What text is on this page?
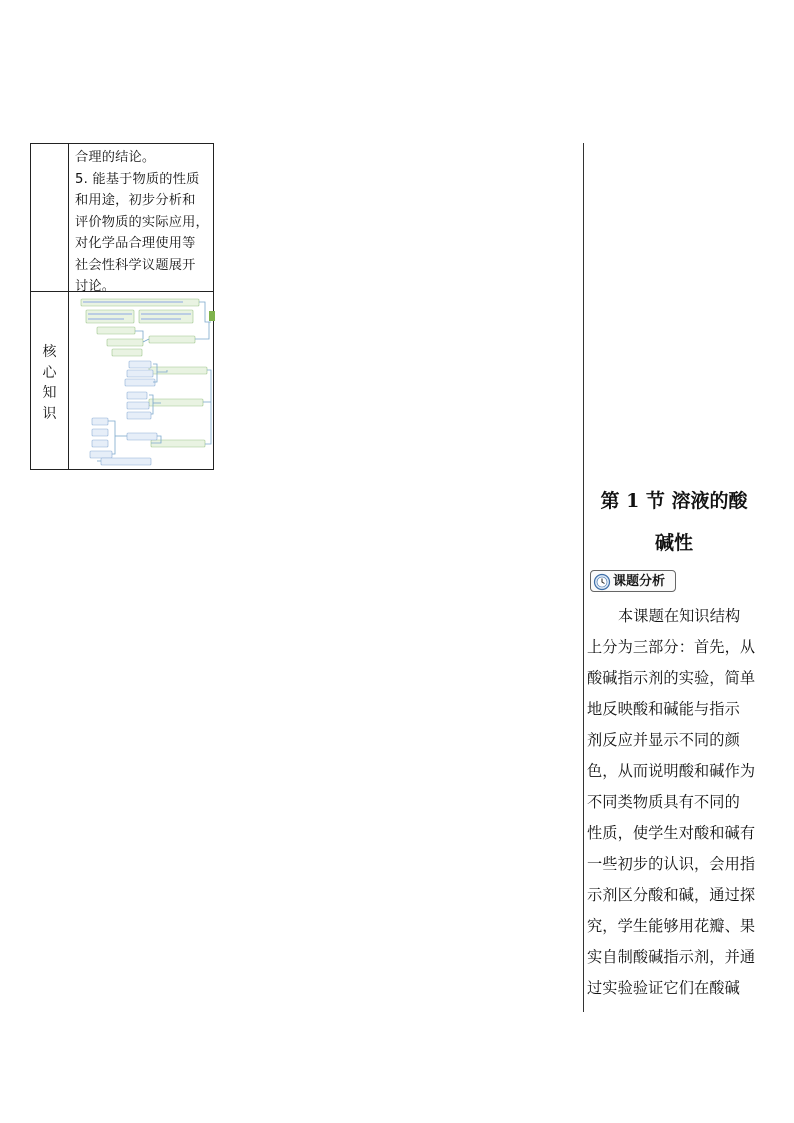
合理的结论。
5. 能基于物质的性质
和用途，初步分析和
评价物质的实际应用，
对化学品合理使用等
社会性科学议题展开
讨论。
核
心
知
识
第 1 节 溶液的酸
碱性
课题分析
本课题在知识结构
上分为三部分：首先，从
酸碱指示剂的实验，简单
地反映酸和碱能与指示
剂反应并显示不同的颜
色，从而说明酸和碱作为
不同类物质具有不同的
性质，使学生对酸和碱有
一些初步的认识，会用指
示剂区分酸和碱，通过探
究，学生能够用花瓣、果
实自制酸碱指示剂，并通
过实验验证它们在酸碱
